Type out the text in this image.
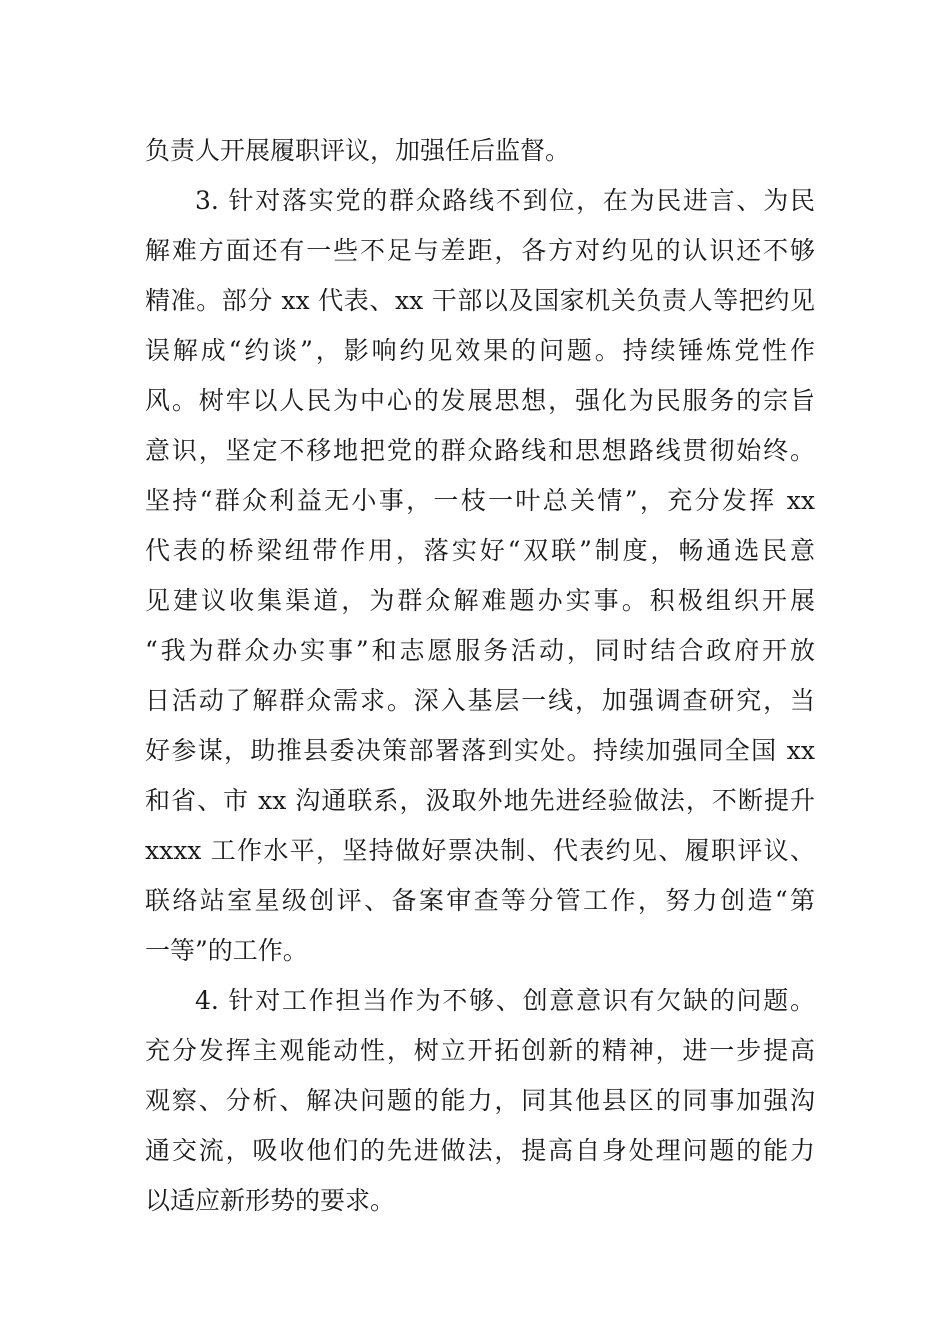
负责人开展履职评议，加强任后监督。
3. 针对落实党的群众路线不到位，在为民进言、为民
解难方面还有一些不足与差距，各方对约见的认识还不够
精准。部分 xx 代表、xx 干部以及国家机关负责人等把约见
误解成“约谈”，影响约见效果的问题。持续锤炼党性作
风。树牢以人民为中心的发展思想，强化为民服务的宗旨
意识，坚定不移地把党的群众路线和思想路线贯彻始终。
坚持“群众利益无小事，一枝一叶总关情”，充分发挥 xx
代表的桥梁纽带作用，落实好“双联”制度，畅通选民意
见建议收集渠道，为群众解难题办实事。积极组织开展
“我为群众办实事”和志愿服务活动，同时结合政府开放
日活动了解群众需求。深入基层一线，加强调查研究，当
好参谋，助推县委决策部署落到实处。持续加强同全国 xx
和省、市 xx 沟通联系，汲取外地先进经验做法，不断提升
xxxx 工作水平，坚持做好票决制、代表约见、履职评议、
联络站室星级创评、备案审查等分管工作，努力创造“第
一等”的工作。
4. 针对工作担当作为不够、创意意识有欠缺的问题。
充分发挥主观能动性，树立开拓创新的精神，进一步提高
观察、分析、解决问题的能力，同其他县区的同事加强沟
通交流，吸收他们的先进做法，提高自身处理问题的能力
以适应新形势的要求。
